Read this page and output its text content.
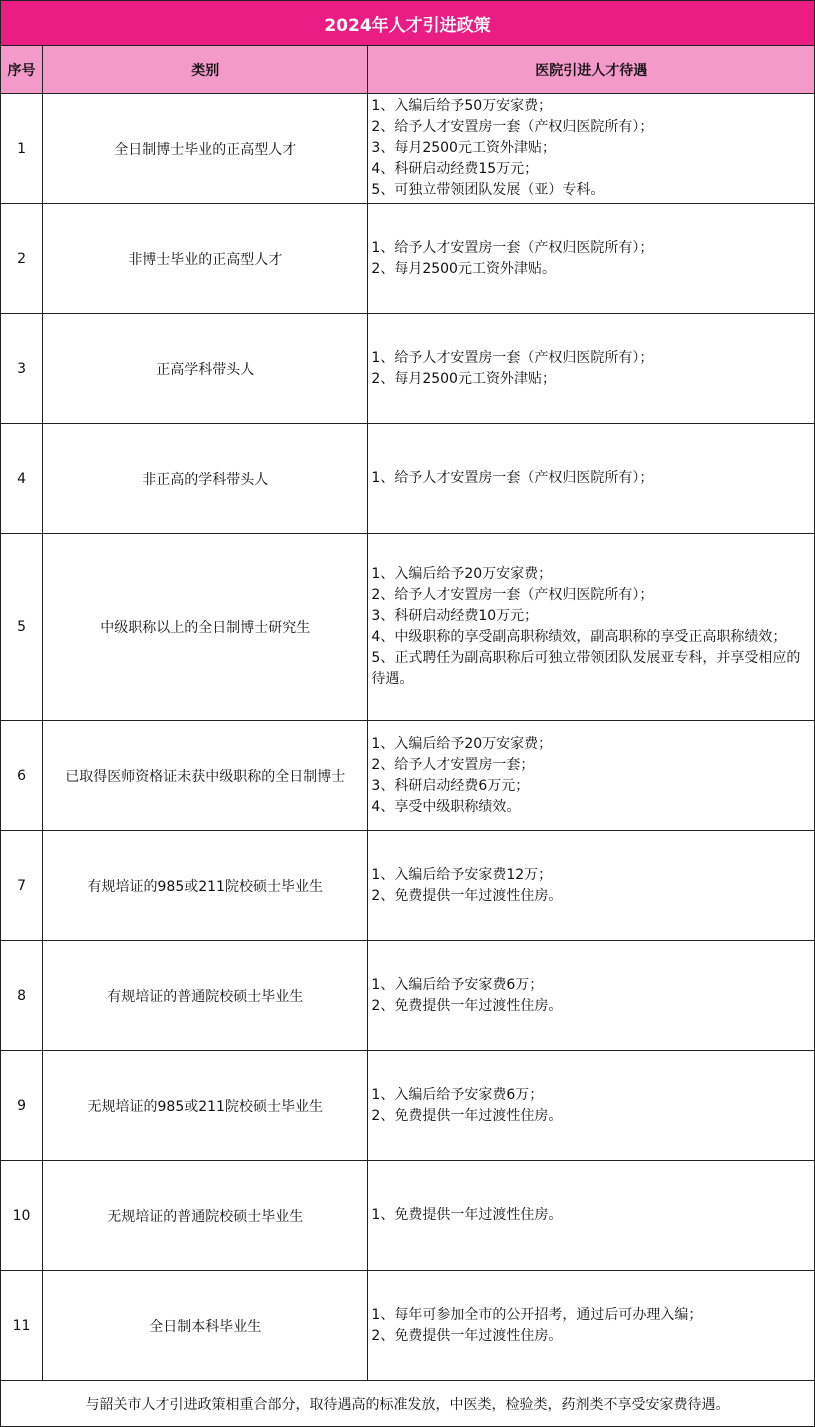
2024年人才引进政策		
序号	类别	医院引进人才待遇
1	全日制博士毕业的正高型人才	1、入编后给予50万安家费；
2、给予人才安置房一套（产权归医院所有）；
3、每月2500元工资外津贴；
4、科研启动经费15万元；
5、可独立带领团队发展（亚）专科。

2	非博士毕业的正高型人才	1、给予人才安置房一套（产权归医院所有）；
2、每月2500元工资外津贴。

3	正高学科带头人	1、给予人才安置房一套（产权归医院所有）；
2、每月2500元工资外津贴；

4	非正高的学科带头人	1、给予人才安置房一套（产权归医院所有）；

5	中级职称以上的全日制博士研究生	1、入编后给予20万安家费；
2、给予人才安置房一套（产权归医院所有）；
3、科研启动经费10万元；
4、中级职称的享受副高职称绩效，副高职称的享受正高职称绩效；
5、正式聘任为副高职称后可独立带领团队发展亚专科，并享受相应的待遇。

6	已取得医师资格证未获中级职称的全日制博士	1、入编后给予20万安家费；
2、给予人才安置房一套；
3、科研启动经费6万元；
4、享受中级职称绩效。

7	有规培证的985或211院校硕士毕业生	1、入编后给予安家费12万；
2、免费提供一年过渡性住房。

8	有规培证的普通院校硕士毕业生	1、入编后给予安家费6万；
2、免费提供一年过渡性住房。

9	无规培证的985或211院校硕士毕业生	1、入编后给予安家费6万；
2、免费提供一年过渡性住房。

10	无规培证的普通院校硕士毕业生	1、免费提供一年过渡性住房。

11	全日制本科毕业生	1、每年可参加全市的公开招考，通过后可办理入编；
2、免费提供一年过渡性住房。

与韶关市人才引进政策相重合部分，取待遇高的标准发放，中医类，检验类，药剂类不享受安家费待遇。		
